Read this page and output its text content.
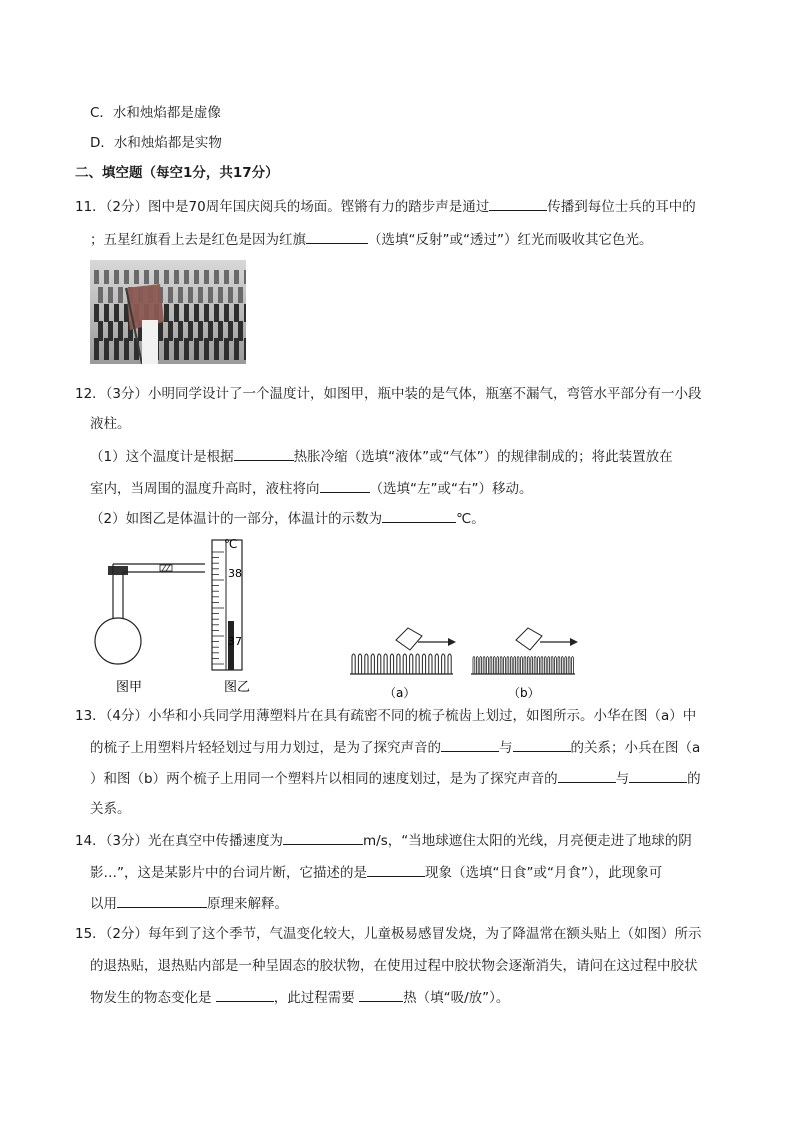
C．水和烛焰都是虚像
D．水和烛焰都是实物
二、填空题（每空1分，共17分）
11．（2分）图中是70周年国庆阅兵的场面。铿锵有力的踏步声是通过	传播到每位士兵的耳中的
；五星红旗看上去是红色是因为红旗	（选填“反射”或“透过”）红光而吸收其它色光。
12．（3分）小明同学设计了一个温度计，如图甲，瓶中装的是气体，瓶塞不漏气，弯管水平部分有一小段
液柱。
（1）这个温度计是根据	热胀冷缩（选填“液体”或“气体”）的规律制成的；将此装置放在
室内，当周围的温度升高时，液柱将向	（选填“左”或“右”）移动。
（2）如图乙是体温计的一部分，体温计的示数为	℃。
图甲
℃
38
37
图乙	（a）	（b）
13．（4分）小华和小兵同学用薄塑料片在具有疏密不同的梳子梳齿上划过，如图所示。小华在图（a）中
的梳子上用塑料片轻轻划过与用力划过，是为了探究声音的	与	的关系；小兵在图（a
）和图（b）两个梳子上用同一个塑料片以相同的速度划过，是为了探究声音的	与	的
关系。
14．（3分）光在真空中传播速度为	m/s，“当地球遮住太阳的光线，月亮便走进了地球的阴
影…”，这是某影片中的台词片断，它描述的是	现象（选填“日食”或“月食”），此现象可
以用	原理来解释。
15．（2分）每年到了这个季节，气温变化较大，儿童极易感冒发烧，为了降温常在额头贴上（如图）所示
的退热贴，退热贴内部是一种呈固态的胶状物，在使用过程中胶状物会逐渐消失，请问在这过程中胶状
物发生的物态变化是	，此过程需要	热（填“吸/放”）。
